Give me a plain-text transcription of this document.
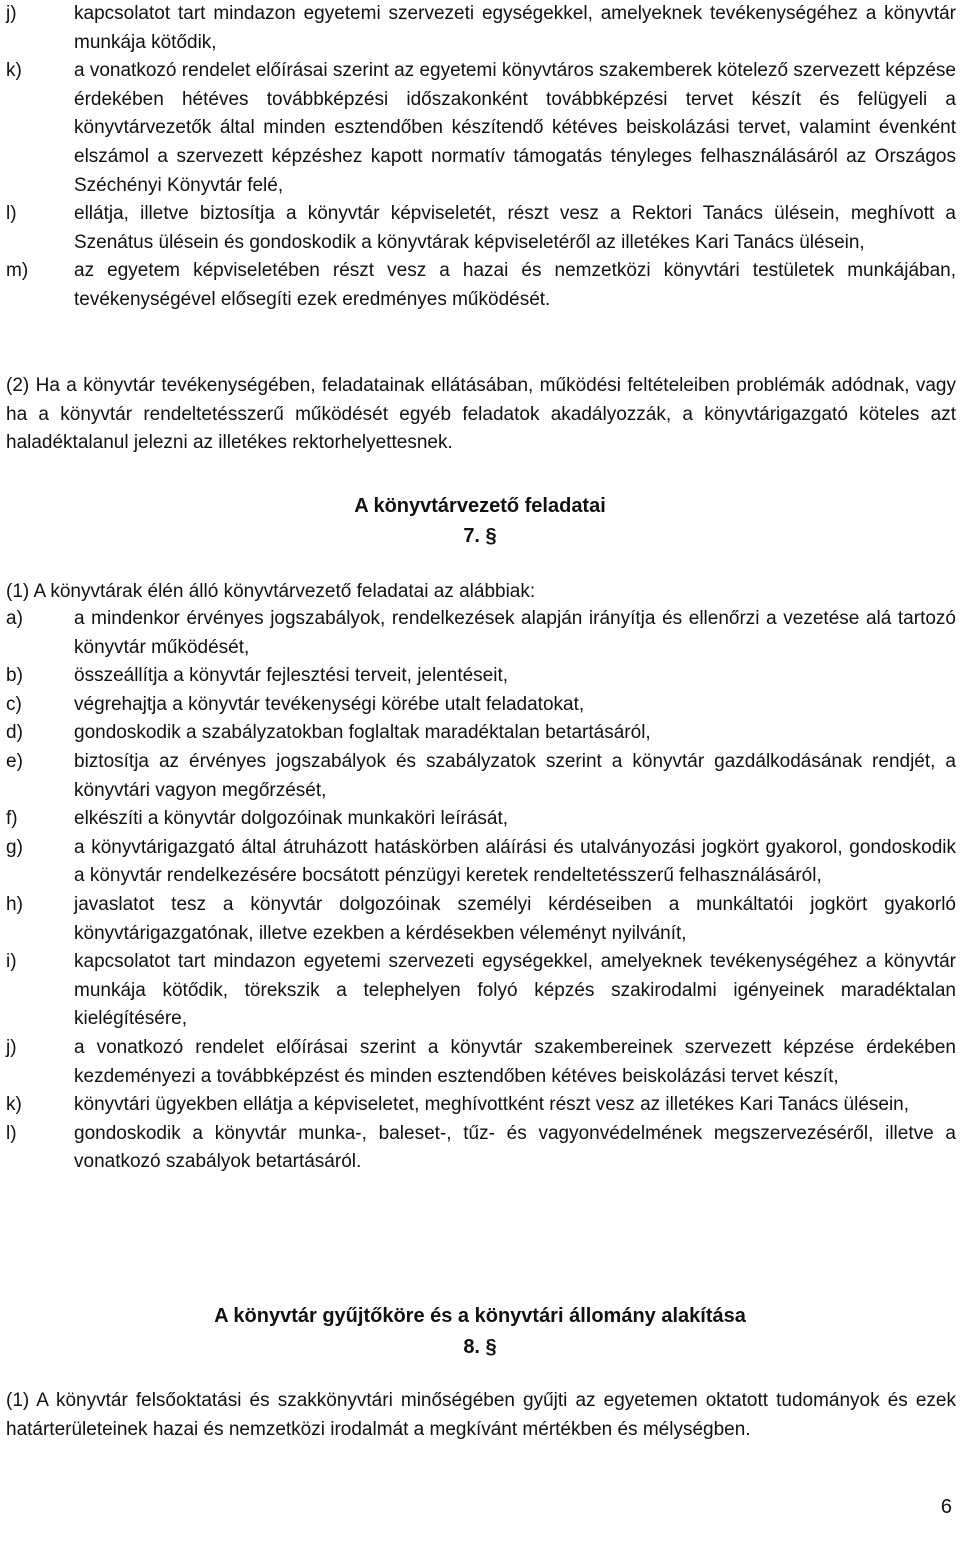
j)	kapcsolatot tart mindazon egyetemi szervezeti egységekkel, amelyeknek tevékenységéhez a könyvtár munkája kötődik,
k)	a vonatkozó rendelet előírásai szerint az egyetemi könyvtáros szakemberek kötelező szervezett képzése érdekében hétéves továbbképzési időszakonként továbbképzési tervet készít és felügyeli a könyvtárvezetők által minden esztendőben készítendő kétéves beiskolázási tervet, valamint évenként elszámol a szervezett képzéshez kapott normatív támogatás tényleges felhasználásáról az Országos Széchényi Könyvtár felé,
l)	ellátja, illetve biztosítja a könyvtár képviseletét, részt vesz a Rektori Tanács ülésein, meghívott a Szenátus ülésein és gondoskodik a könyvtárak képviseletéről az illetékes Kari Tanács ülésein,
m)	az egyetem képviseletében részt vesz a hazai és nemzetközi könyvtári testületek munkájában, tevékenységével elősegíti ezek eredményes működését.

(2) Ha a könyvtár tevékenységében, feladatainak ellátásában, működési feltételeiben problémák adódnak, vagy ha a könyvtár rendeltetésszerű működését egyéb feladatok akadályozzák, a könyvtárigazgató köteles azt haladéktalanul jelezni az illetékes rektorhelyettesnek.

A könyvtárvezető feladatai

7. §

(1) A könyvtárak élén álló könyvtárvezető feladatai az alábbiak:

a)	a mindenkor érvényes jogszabályok, rendelkezések alapján irányítja és ellenőrzi a vezetése alá tartozó könyvtár működését,
b)	összeállítja a könyvtár fejlesztési terveit, jelentéseit,
c)	végrehajtja a könyvtár tevékenységi körébe utalt feladatokat,
d)	gondoskodik a szabályzatokban foglaltak maradéktalan betartásáról,
e)	biztosítja az érvényes jogszabályok és szabályzatok szerint a könyvtár gazdálkodásának rendjét, a könyvtári vagyon megőrzését,
f)	elkészíti a könyvtár dolgozóinak munkaköri leírását,
g)	a könyvtárigazgató által átruházott hatáskörben aláírási és utalványozási jogkört gyakorol, gondoskodik a könyvtár rendelkezésére bocsátott pénzügyi keretek rendeltetésszerű felhasználásáról,
h)	javaslatot tesz a könyvtár dolgozóinak személyi kérdéseiben a munkáltatói jogkört gyakorló könyvtárigazgatónak, illetve ezekben a kérdésekben véleményt nyilvánít,
i)	kapcsolatot tart mindazon egyetemi szervezeti egységekkel, amelyeknek tevékenységéhez a könyvtár munkája kötődik, törekszik a telephelyen folyó képzés szakirodalmi igényeinek maradéktalan kielégítésére,
j)	a vonatkozó rendelet előírásai szerint a könyvtár szakembereinek szervezett képzése érdekében kezdeményezi a továbbképzést és minden esztendőben kétéves beiskolázási tervet készít,
k)	könyvtári ügyekben ellátja a képviseletet, meghívottként részt vesz az illetékes Kari Tanács ülésein,
l)	gondoskodik a könyvtár munka-, baleset-, tűz- és vagyonvédelmének megszervezéséről, illetve a vonatkozó szabályok betartásáról.

A könyvtár gyűjtőköre és a könyvtári állomány alakítása

8. §

(1) A könyvtár felsőoktatási és szakkönyvtári minőségében gyűjti az egyetemen oktatott tudományok és ezek határterületeinek hazai és nemzetközi irodalmát a megkívánt mértékben és mélységben.

6
